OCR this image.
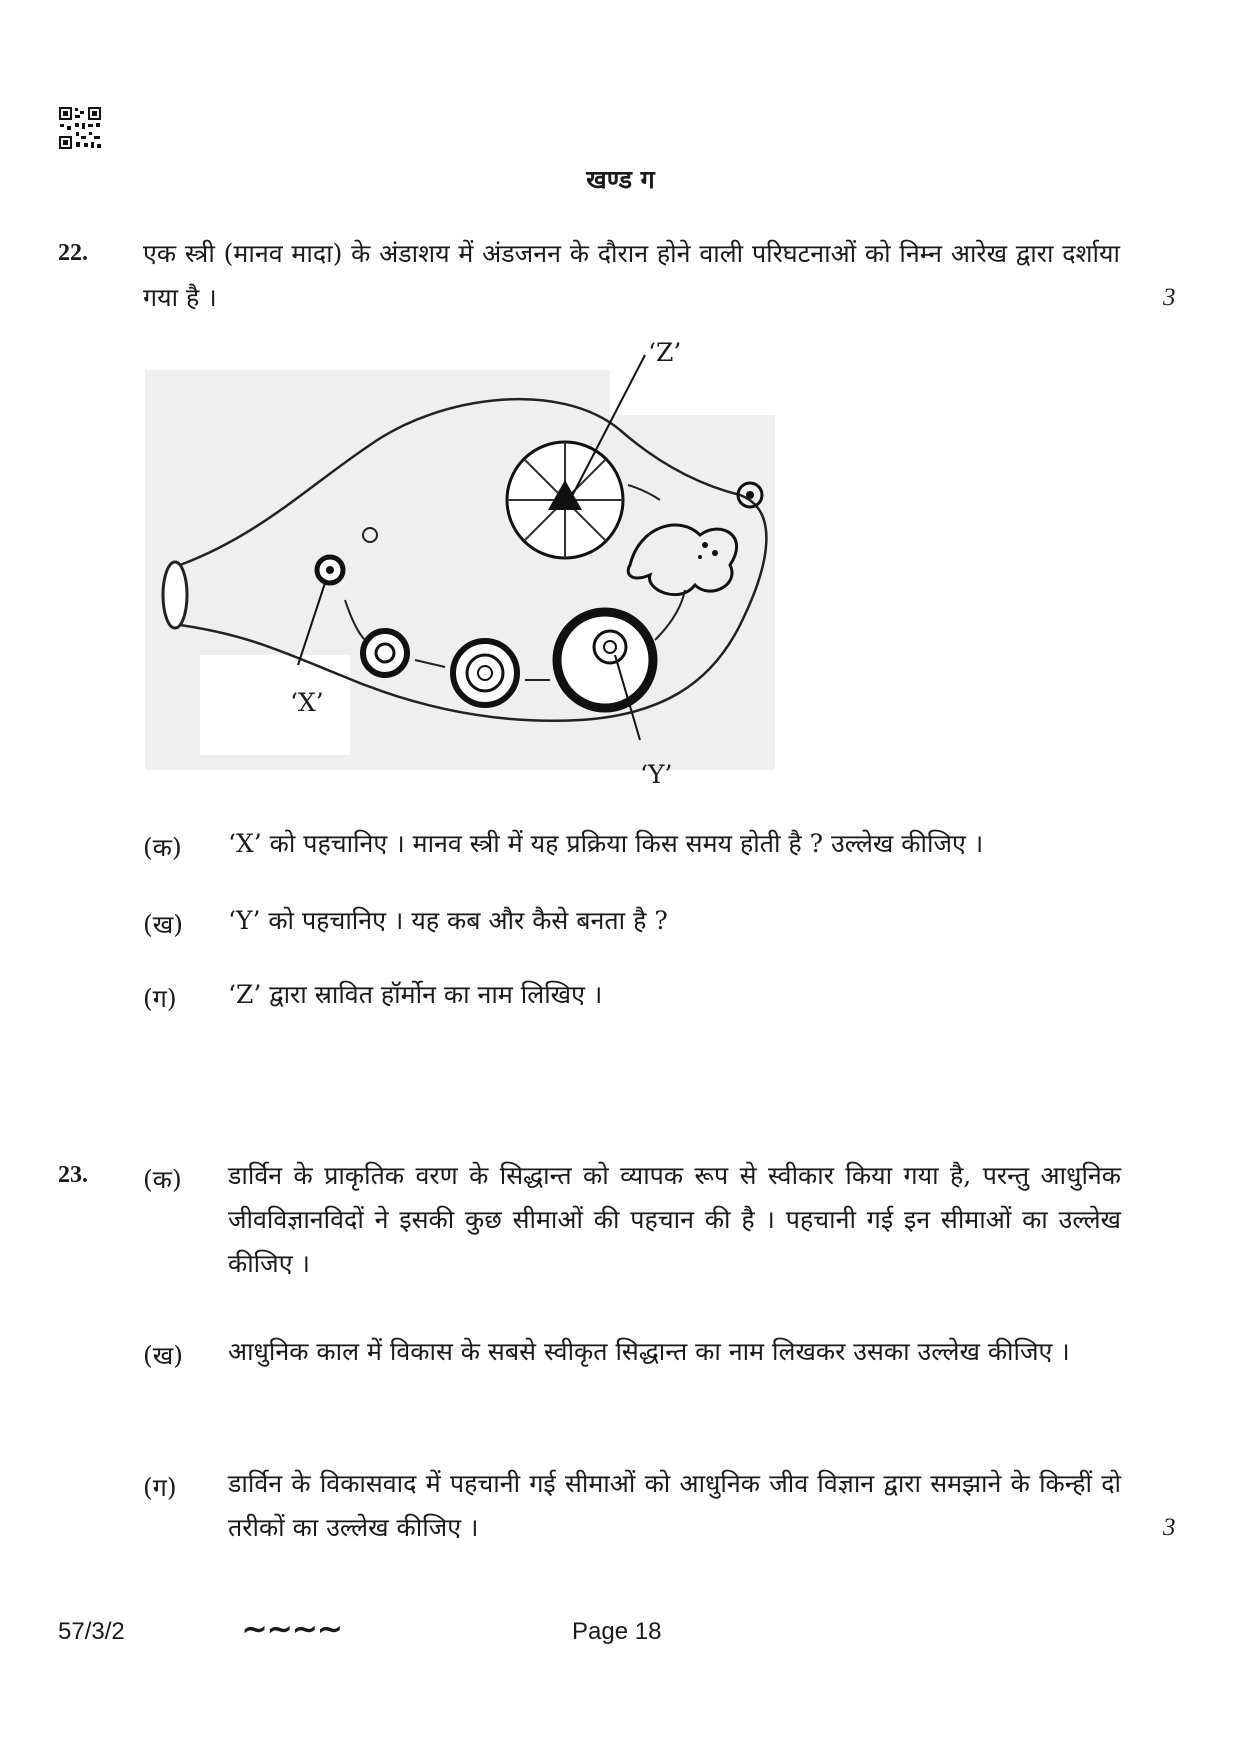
खण्ड ग
22. एक स्त्री (मानव मादा) के अंडाशय में अंडजनन के दौरान होने वाली परिघटनाओं को निम्न आरेख द्वारा दर्शाया गया है ।	3
‘X’
‘Y’
‘Z’
(क) ‘X’ को पहचानिए । मानव स्त्री में यह प्रक्रिया किस समय होती है ? उल्लेख कीजिए ।
(ख) ‘Y’ को पहचानिए । यह कब और कैसे बनता है ?
(ग) ‘Z’ द्वारा स्रावित हॉर्मोन का नाम लिखिए ।
23. (क) डार्विन के प्राकृतिक वरण के सिद्धान्त को व्यापक रूप से स्वीकार किया गया है, परन्तु आधुनिक जीवविज्ञानविदों ने इसकी कुछ सीमाओं की पहचान की है । पहचानी गई इन सीमाओं का उल्लेख कीजिए ।
(ख) आधुनिक काल में विकास के सबसे स्वीकृत सिद्धान्त का नाम लिखकर उसका उल्लेख कीजिए ।
(ग) डार्विन के विकासवाद में पहचानी गई सीमाओं को आधुनिक जीव विज्ञान द्वारा समझाने के किन्हीं दो तरीकों का उल्लेख कीजिए ।	3
57/3/2	∼∼∼∼	Page 18
